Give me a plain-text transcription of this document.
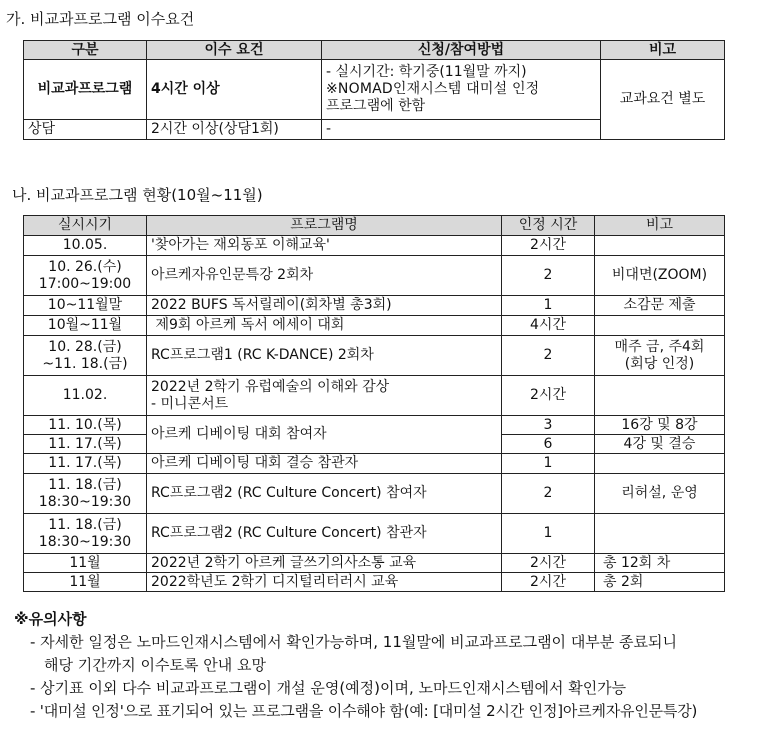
가. 비교과프로그램 이수요건
구분	이수 요건	신청/참여방법	비고
비교과프로그램	4시간 이상	- 실시기간: 학기중(11월말 까지)
※NOMAD인재시스템 대미설 인정
프로그램에 한함	교과요건 별도
상담	2시간 이상(상담1회)	-	
나. 비교과프로그램 현황(10월~11월)
실시시기	프로그램명	인정 시간	비고
10.05.	'찾아가는 재외동포 이해교육'	2시간	

10. 26.(수)
17:00~19:00	아르케자유인문특강 2회차	2	비대면(ZOOM)
10~11월말	2022 BUFS 독서릴레이(회차별 총3회)	1	소감문 제출
10월~11월	제9회 아르케 독서 에세이 대회	4시간	
10. 28.(금)
~11. 18.(금)	RC프로그램1 (RC K-DANCE) 2회차	2	매주 금, 주4회
(회당 인정)
11.02.	2022년 2학기 유럽예술의 이해와 감상
- 미니콘서트	2시간	
11. 10.(목)	아르케 디베이팅 대회 참여자	3	16강 및 8강
11. 17.(목)		6	4강 및 결승
11. 17.(목)	아르케 디베이팅 대회 결승 참관자	1	
11. 18.(금)
18:30~19:30	RC프로그램2 (RC Culture Concert) 참여자	2	리허설, 운영
11. 18.(금)
18:30~19:30	RC프로그램2 (RC Culture Concert) 참관자	1	
11월	2022년 2학기 아르케 글쓰기의사소통 교육	2시간	총 12회 차
11월	2022학년도 2학기 디지털리터러시 교육	2시간	총 2회
※유의사항
- 자세한 일정은 노마드인재시스템에서 확인가능하며, 11월말에 비교과프로그램이 대부분 종료되니
해당 기간까지 이수토록 안내 요망
- 상기표 이외 다수 비교과프로그램이 개설 운영(예정)이며, 노마드인재시스템에서 확인가능
- '대미설 인정'으로 표기되어 있는 프로그램을 이수해야 함(예: [대미설 2시간 인정]아르케자유인문특강)
